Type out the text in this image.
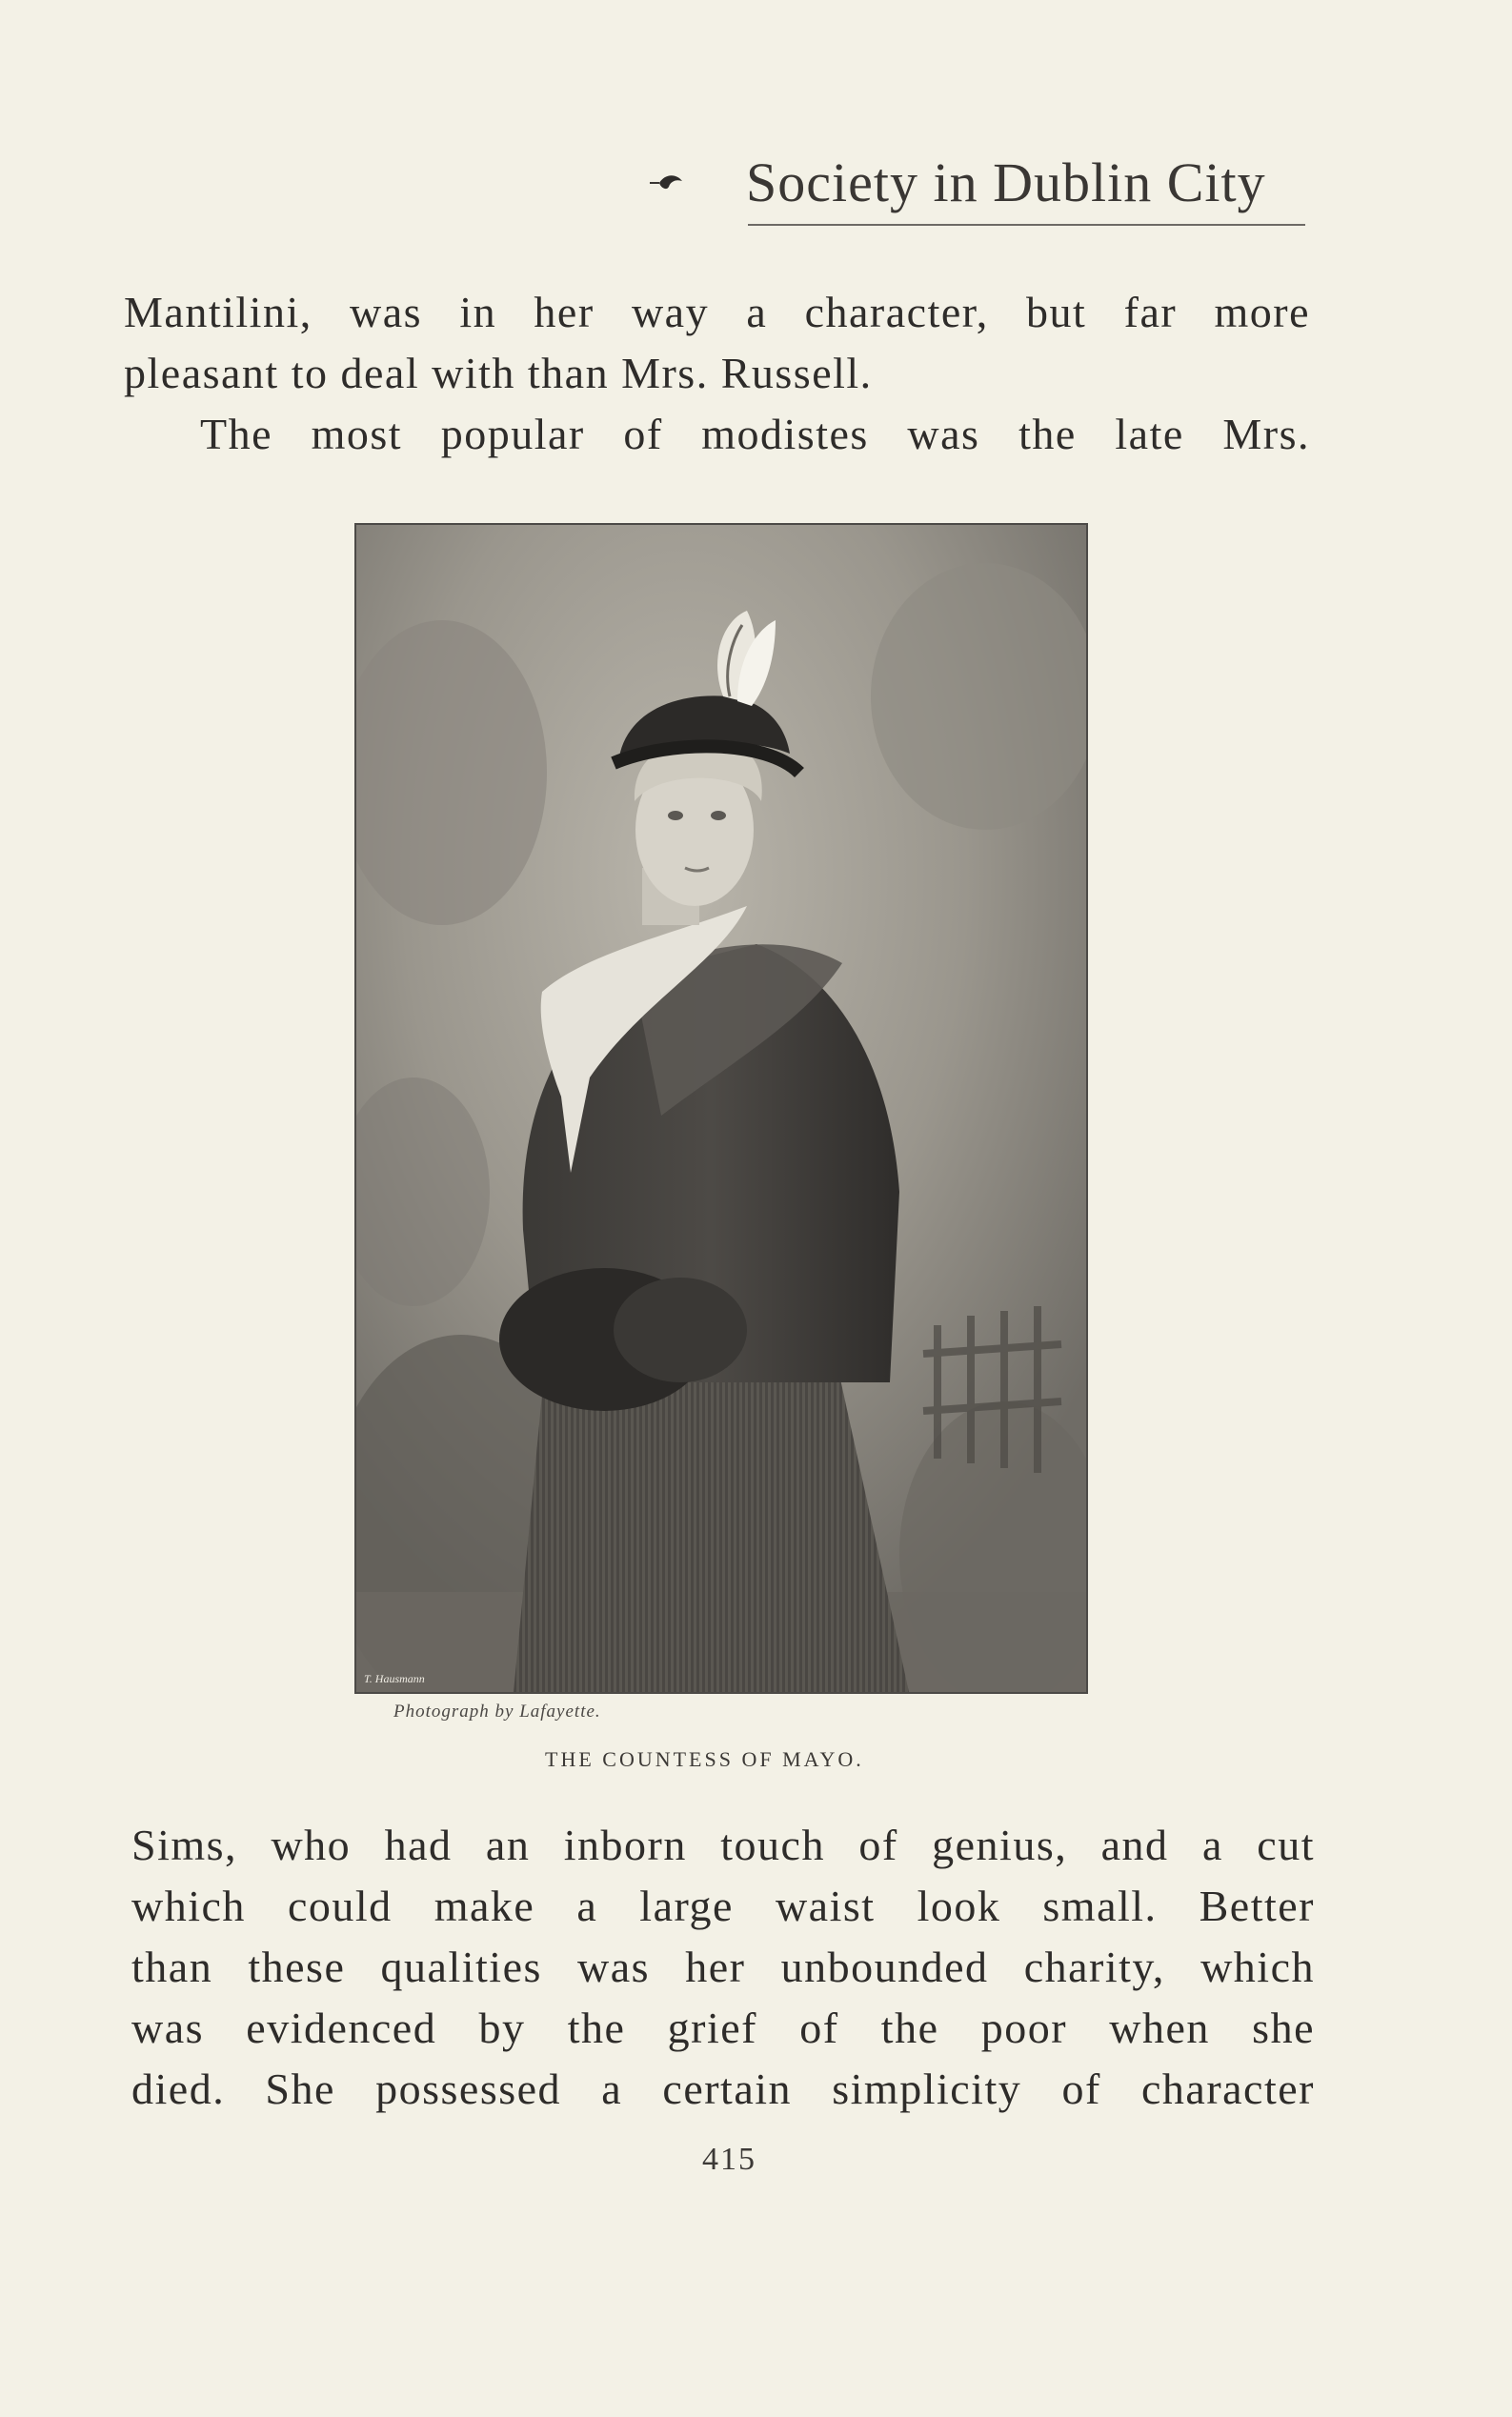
Society in Dublin City
Mantilini, was in her way a character, but far more
pleasant to deal with than Mrs. Russell.
The most popular of modistes was the late Mrs.
T. Hausmann
Photograph by Lafayette.
THE COUNTESS OF MAYO.
Sims, who had an inborn touch of genius, and a cut
which could make a large waist look small. Better
than these qualities was her unbounded charity, which
was evidenced by the grief of the poor when she
died. She possessed a certain simplicity of character
415
